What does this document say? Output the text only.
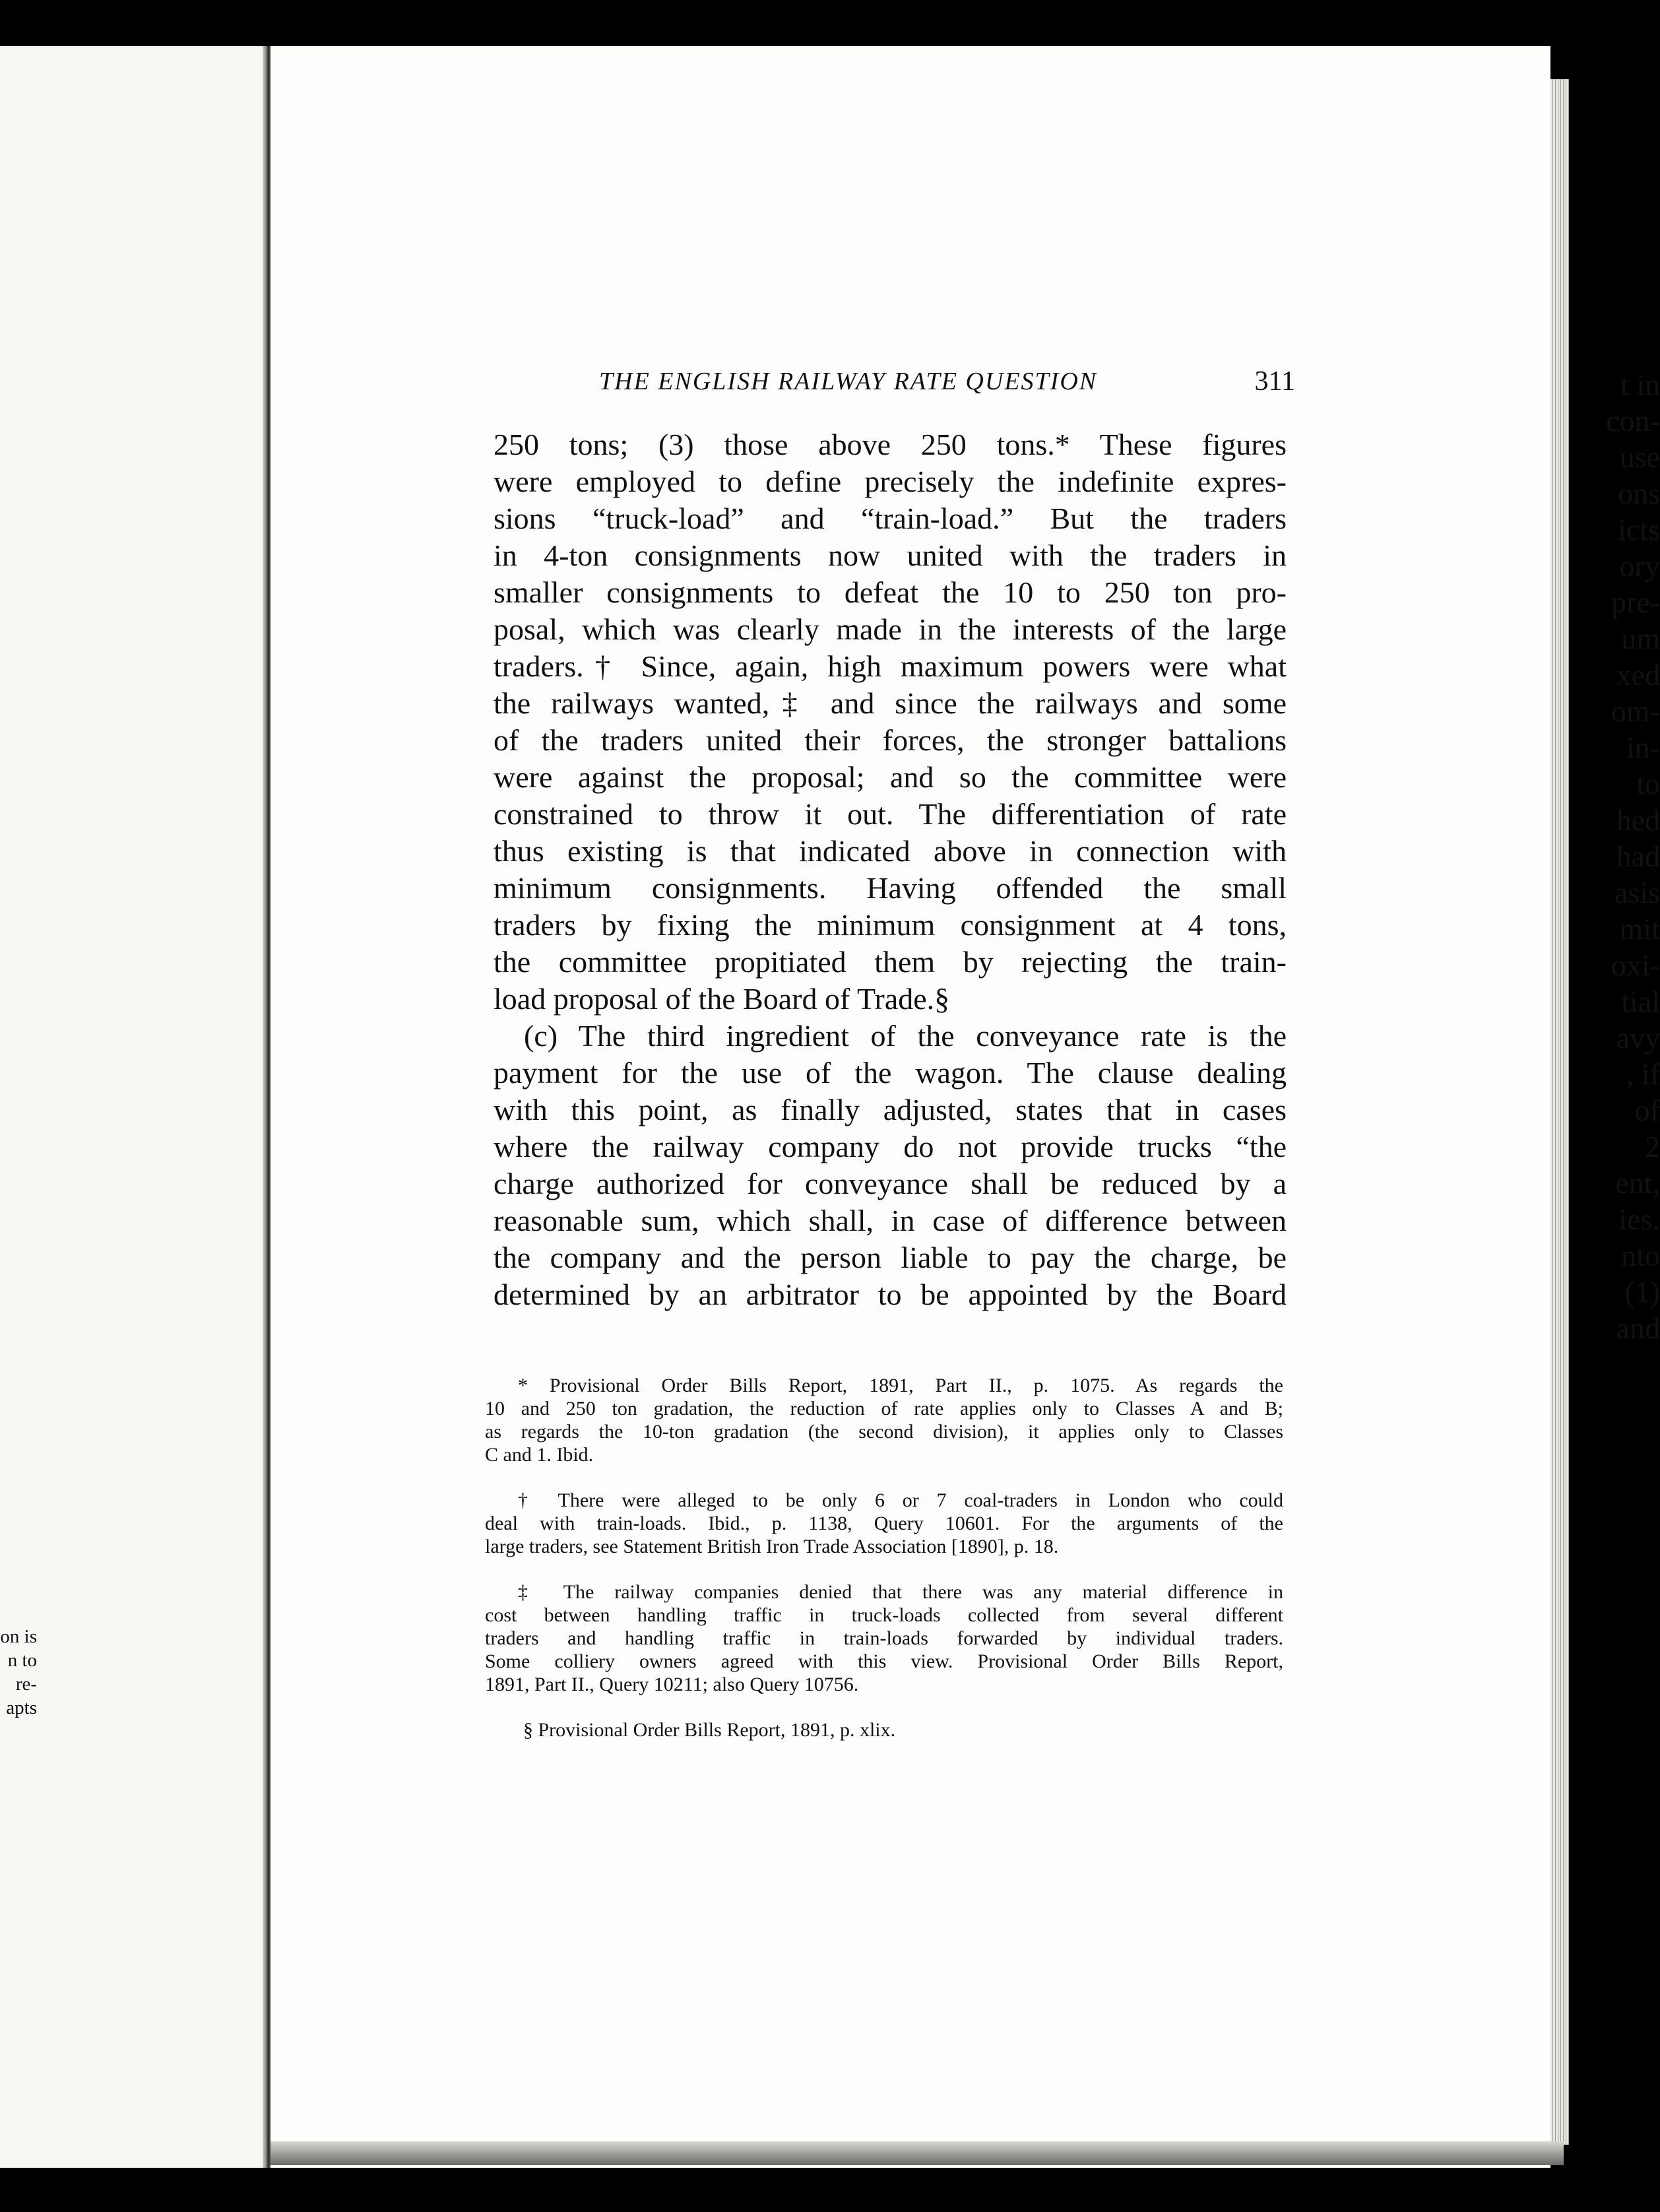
t in
con-
use
ons
icts
ory
pre-
um
xed
om-
in-
to
hed
had
asis
mit
oxi-
tial
avy
, if
of
2
ent,
ies.
nto
(1)
and
on is
n to
re-
apts
THE ENGLISH RAILWAY RATE QUESTION	311
250 tons; (3) those above 250 tons.* These figures
were employed to define precisely the indefinite expres-
sions “truck-load” and “train-load.” But the traders
in 4-ton consignments now united with the traders in
smaller consignments to defeat the 10 to 250 ton pro-
posal, which was clearly made in the interests of the large
traders.† Since, again, high maximum powers were what
the railways wanted,‡ and since the railways and some
of the traders united their forces, the stronger battalions
were against the proposal; and so the committee were
constrained to throw it out. The differentiation of rate
thus existing is that indicated above in connection with
minimum consignments. Having offended the small
traders by fixing the minimum consignment at 4 tons,
the committee propitiated them by rejecting the train-
load proposal of the Board of Trade.§
(c) The third ingredient of the conveyance rate is the
payment for the use of the wagon. The clause dealing
with this point, as finally adjusted, states that in cases
where the railway company do not provide trucks “the
charge authorized for conveyance shall be reduced by a
reasonable sum, which shall, in case of difference between
the company and the person liable to pay the charge, be
determined by an arbitrator to be appointed by the Board
* Provisional Order Bills Report, 1891, Part II., p. 1075. As regards the
10 and 250 ton gradation, the reduction of rate applies only to Classes A and B;
as regards the 10-ton gradation (the second division), it applies only to Classes
C and 1. Ibid.
† There were alleged to be only 6 or 7 coal-traders in London who could
deal with train-loads. Ibid., p. 1138, Query 10601. For the arguments of the
large traders, see Statement British Iron Trade Association [1890], p. 18.
‡ The railway companies denied that there was any material difference in
cost between handling traffic in truck-loads collected from several different
traders and handling traffic in train-loads forwarded by individual traders.
Some colliery owners agreed with this view. Provisional Order Bills Report,
1891, Part II., Query 10211; also Query 10756.
§ Provisional Order Bills Report, 1891, p. xlix.
